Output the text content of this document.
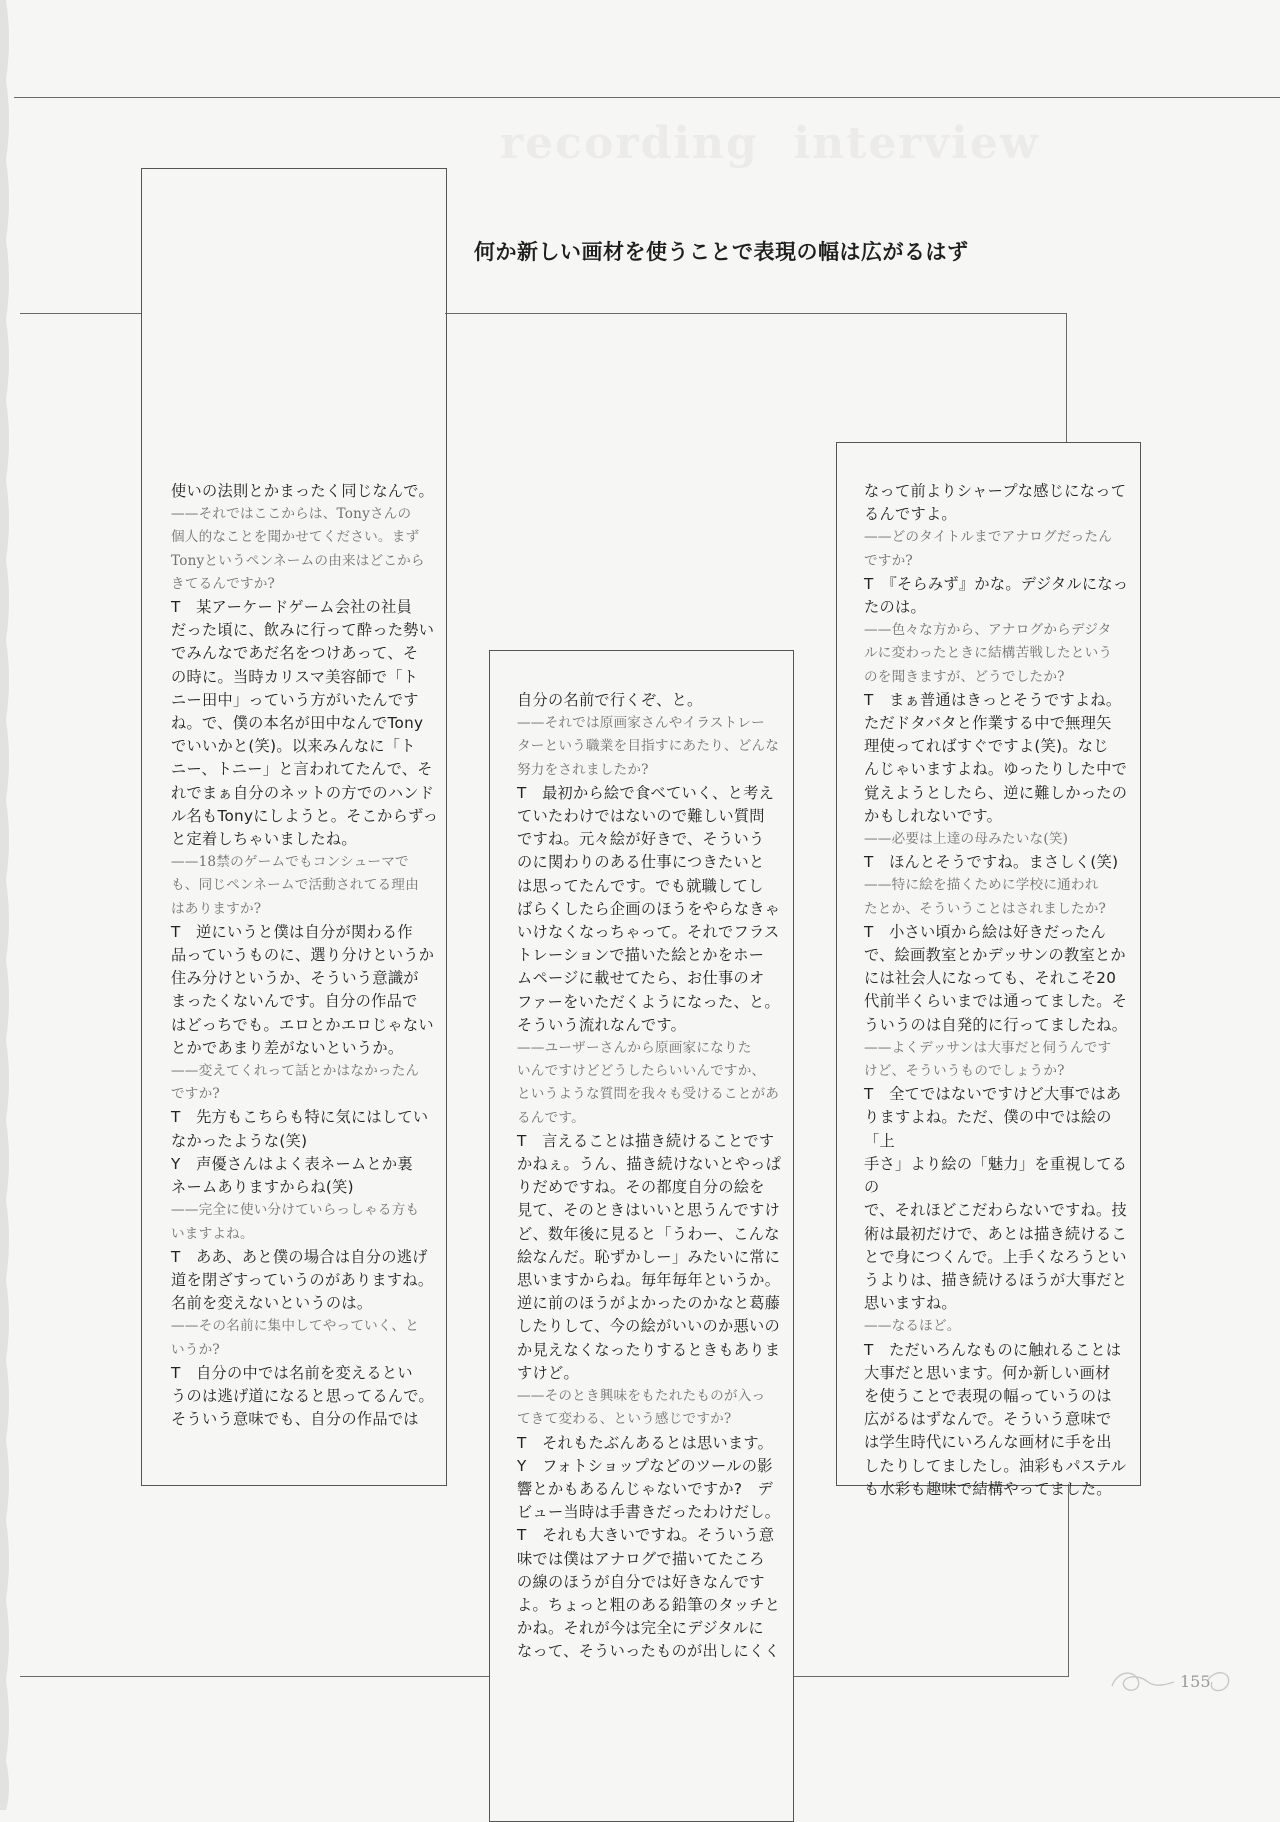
recording  interview
何か新しい画材を使うことで表現の幅は広がるはず

使いの法則とかまったく同じなんで。

——それではここからは、Tonyさんの

個人的なことを聞かせてください。まず

Tonyというペンネームの由来はどこから

きてるんですか?

T　某アーケードゲーム会社の社員

だった頃に、飲みに行って酔った勢い

でみんなであだ名をつけあって、そ

の時に。当時カリスマ美容師で「ト

ニー田中」っていう方がいたんです

ね。で、僕の本名が田中なんでTony

でいいかと(笑)。以来みんなに「ト

ニー、トニー」と言われてたんで、そ

れでまぁ自分のネットの方でのハンド

ル名もTonyにしようと。そこからずっ

と定着しちゃいましたね。

——18禁のゲームでもコンシューマで

も、同じペンネームで活動されてる理由

はありますか?

T　逆にいうと僕は自分が関わる作

品っていうものに、選り分けというか

住み分けというか、そういう意識が

まったくないんです。自分の作品で

はどっちでも。エロとかエロじゃない

とかであまり差がないというか。

——変えてくれって話とかはなかったん

ですか?

T　先方もこちらも特に気にはしてい

なかったような(笑)

Y　声優さんはよく表ネームとか裏

ネームありますからね(笑)

——完全に使い分けていらっしゃる方も

いますよね。

T　ああ、あと僕の場合は自分の逃げ

道を閉ざすっていうのがありますね。

名前を変えないというのは。

——その名前に集中してやっていく、と

いうか?

T　自分の中では名前を変えるとい

うのは逃げ道になると思ってるんで。

そういう意味でも、自分の作品では

自分の名前で行くぞ、と。

——それでは原画家さんやイラストレー

ターという職業を目指すにあたり、どんな

努力をされましたか?

T　最初から絵で食べていく、と考え

ていたわけではないので難しい質問

ですね。元々絵が好きで、そういう

のに関わりのある仕事につきたいと

は思ってたんです。でも就職してし

ばらくしたら企画のほうをやらなきゃ

いけなくなっちゃって。それでフラス

トレーションで描いた絵とかをホー

ムページに載せてたら、お仕事のオ

ファーをいただくようになった、と。

そういう流れなんです。

——ユーザーさんから原画家になりた

いんですけどどうしたらいいんですか、

というような質問を我々も受けることがあ

るんです。

T　言えることは描き続けることです

かねぇ。うん、描き続けないとやっぱ

りだめですね。その都度自分の絵を

見て、そのときはいいと思うんですけ

ど、数年後に見ると「うわー、こんな

絵なんだ。恥ずかしー」みたいに常に

思いますからね。毎年毎年というか。

逆に前のほうがよかったのかなと葛藤

したりして、今の絵がいいのか悪いの

か見えなくなったりするときもありま

すけど。

——そのとき興味をもたれたものが入っ

てきて変わる、という感じですか?

T　それもたぶんあるとは思います。

Y　フォトショップなどのツールの影

響とかもあるんじゃないですか?　デ

ビュー当時は手書きだったわけだし。

T　それも大きいですね。そういう意

味では僕はアナログで描いてたころ

の線のほうが自分では好きなんです

よ。ちょっと粗のある鉛筆のタッチと

かね。それが今は完全にデジタルに

なって、そういったものが出しにくく

なって前よりシャープな感じになって

るんですよ。

——どのタイトルまでアナログだったん

ですか?

T　『そらみず』かな。デジタルになっ

たのは。

——色々な方から、アナログからデジタ

ルに変わったときに結構苦戦したという

のを聞きますが、どうでしたか?

T　まぁ普通はきっとそうですよね。

ただドタバタと作業する中で無理矢

理使ってればすぐですよ(笑)。なじ

んじゃいますよね。ゆったりした中で

覚えようとしたら、逆に難しかったの

かもしれないです。

——必要は上達の母みたいな(笑)

T　ほんとそうですね。まさしく(笑)

——特に絵を描くために学校に通われ

たとか、そういうことはされましたか?

T　小さい頃から絵は好きだったん

で、絵画教室とかデッサンの教室とか

には社会人になっても、それこそ20

代前半くらいまでは通ってました。そ

ういうのは自発的に行ってましたね。

——よくデッサンは大事だと伺うんです

けど、そういうものでしょうか?

T　全てではないですけど大事ではあ

りますよね。ただ、僕の中では絵の「上

手さ」より絵の「魅力」を重視してるの

で、それほどこだわらないですね。技

術は最初だけで、あとは描き続けるこ

とで身につくんで。上手くなろうとい

うよりは、描き続けるほうが大事だと

思いますね。

——なるほど。

T　ただいろんなものに触れることは

大事だと思います。何か新しい画材

を使うことで表現の幅っていうのは

広がるはずなんで。そういう意味で

は学生時代にいろんな画材に手を出

したりしてましたし。油彩もパステル

も水彩も趣味で結構やってました。

155
